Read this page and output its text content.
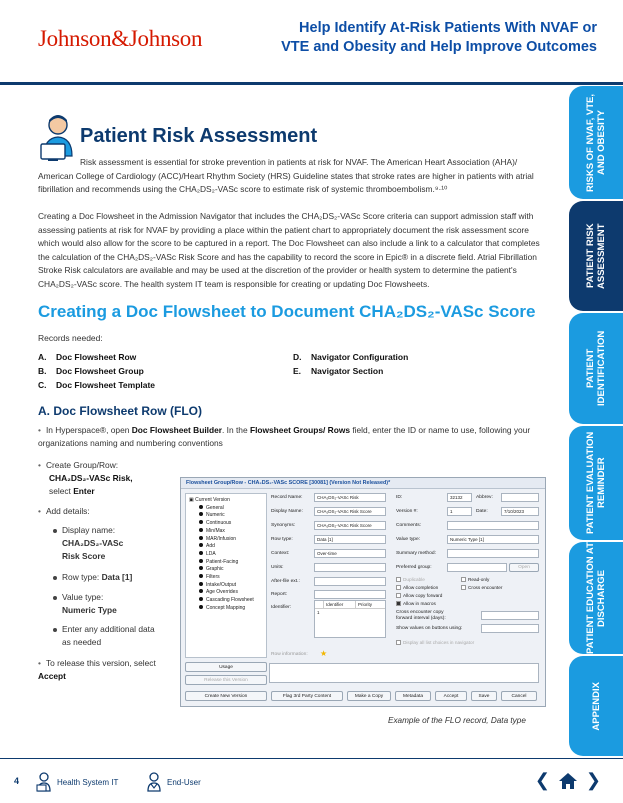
Johnson&Johnson	Help Identify At-Risk Patients With NVAF or VTE and Obesity and Help Improve Outcomes
RISKS OF NVAF, VTE, AND OBESITY
PATIENT RISK ASSESSMENT
PATIENT IDENTIFICATION
PATIENT EVALUATION REMINDER
PATIENT EDUCATION AT DISCHARGE
APPENDIX
Patient Risk Assessment
Risk assessment is essential for stroke prevention in patients at risk for NVAF. The American Heart Association (AHA)/ American College of Cardiology (ACC)/Heart Rhythm Society (HRS) Guideline states that stroke rates are higher in patients with atrial fibrillation and recommends using the CHA₂DS₂-VASc score to estimate risk of systemic thromboembolism.⁹·¹⁰
Creating a Doc Flowsheet in the Admission Navigator that includes the CHA₂DS₂-VASc Score criteria can support admission staff with assessing patients at risk for NVAF by providing a place within the patient chart to appropriately document the risk assessment score which would also allow for the score to be captured in a report. The Doc Flowsheet can also include a link to a calculator that completes the calculation of the CHA₂DS₂-VASc Risk Score and has the capability to record the score in Epic® in a discrete field. Atrial Fibrillation Stroke Risk calculators are available and may be used at the discretion of the provider or health system to determine the patient's CHA₂DS₂-VASc score. The health system IT team is responsible for creating or updating Doc Flowsheets.
Creating a Doc Flowsheet to Document CHA₂DS₂-VASc Score
Records needed:
A. Doc Flowsheet Row
B. Doc Flowsheet Group
C. Doc Flowsheet Template
D. Navigator Configuration
E. Navigator Section
A. Doc Flowsheet Row (FLO)
• In Hyperspace®, open Doc Flowsheet Builder. In the Flowsheet Groups/ Rows field, enter the ID or name to use, following your organizations naming and numbering conventions
• Create Group/Row:
CHA₂DS₂-VASc Risk,
select Enter
• Add details:
Display name:
CHA₂DS₂-VASc Risk Score
Row type: Data [1]
Value type:
Numeric Type
Enter any additional data as needed
• To release this version, select Accept
Flowsheet Group/Row - CHA₂DS₂-VASc SCORE [30081] (Version Not Released)*
▣ Current Version
General
Numeric
Continuous
Min/Max
MAR/Infusion
Add
LDA
Patient-Facing
Graphic
Filters
Intake/Output
Age Overrides
Cascading Flowsheet
Concept Mapping
Usage
Release this Version
Record Name:	CHA₂DS₂-VASc Risk
Display Name:	CHA₂DS₂-VASc Risk Score
Synonyms:	CHA₂DS₂-VASc Risk Score
Row type:	Data [1]
Context:	Over-time
Units:
After-file ext.:
Report:
Identifier:
Identifier	Priority
1
Row information: ★
ID:	32132	Abbrev:
Version #:	1	Date:	7/10/2023
Comments:
Value type:	Numeric Type [1]
Summary method:
Preferred group:	Open
Duplicable	Read-only
Allow completion	Cross encounter
Allow copy forward
Allow in macros
Cross encounter copy forward interval (days):
Show values on buttons using:
Display all list choices in navigator
Create New Version	Flag 3rd Party Content	Make a Copy	Metadata	Accept	Save	Cancel
Example of the FLO record, Data type
4	Health System IT	End-User	❮ ❯
